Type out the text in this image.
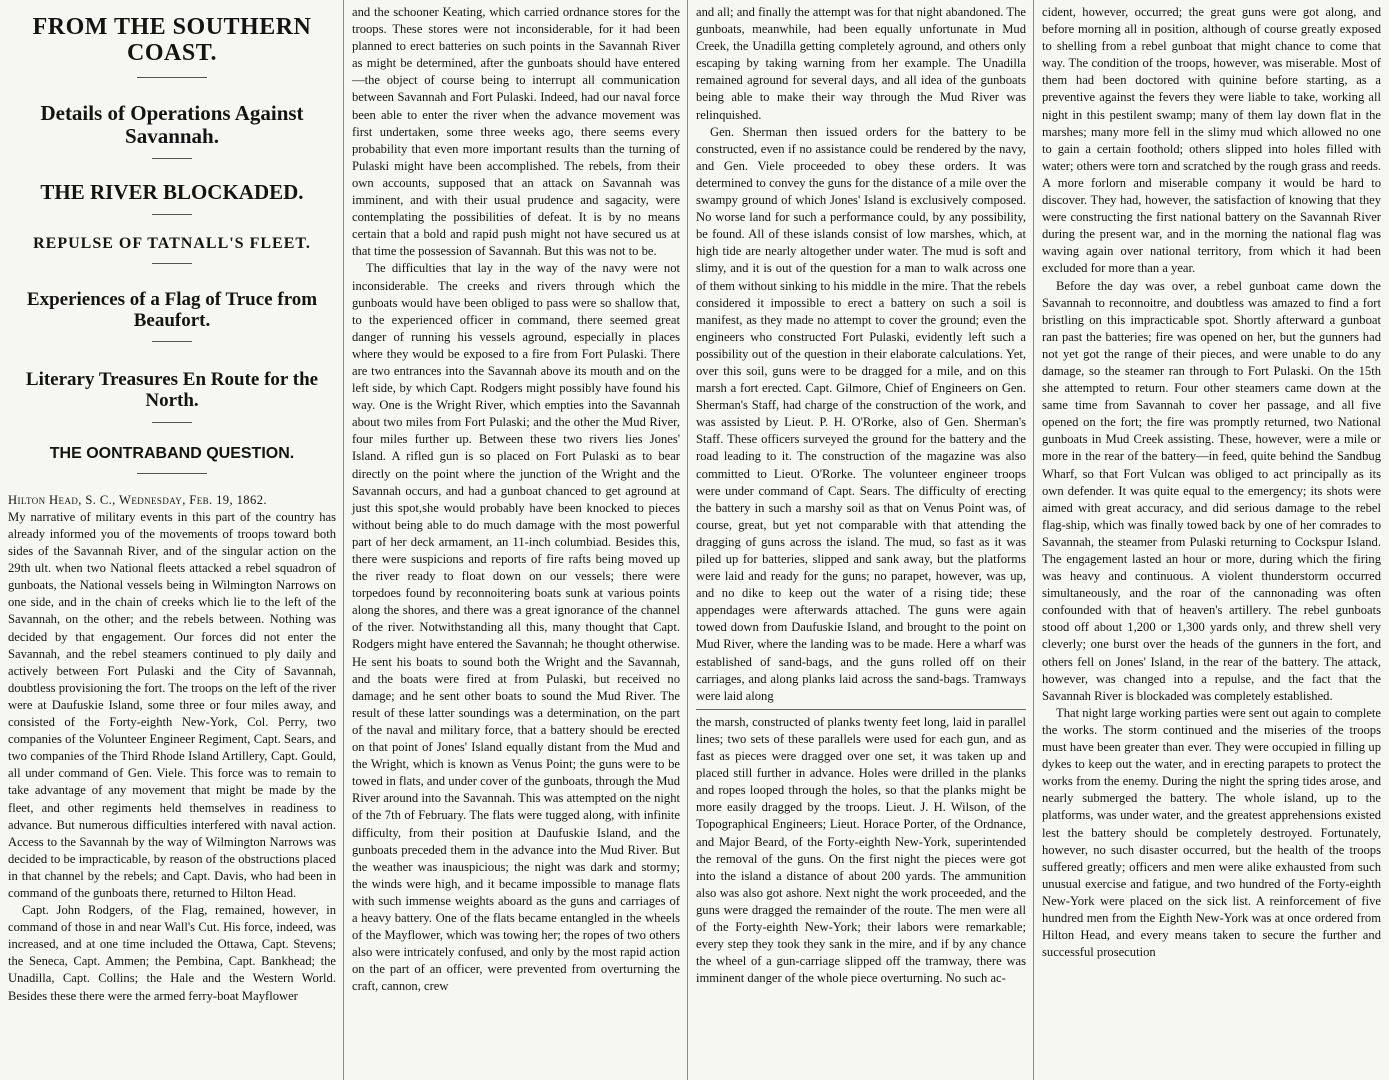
FROM THE SOUTHERN COAST.
Details of Operations Against Savannah.
THE RIVER BLOCKADED.
REPULSE OF TATNALL'S FLEET.
Experiences of a Flag of Truce from Beaufort.
Literary Treasures En Route for the North.
THE OONTRABAND QUESTION.
Hilton Head, S. C., Wednesday, Feb. 19, 1862.

My narrative of military events in this part of the country has already informed you of the movements of troops toward both sides of the Savannah River, and of the singular action on the 29th ult. when two National fleets attacked a rebel squadron of gunboats, the National vessels being in Wilmington Narrows on one side, and in the chain of creeks which lie to the left of the Savannah, on the other; and the rebels between. Nothing was decided by that engagement. Our forces did not enter the Savannah, and the rebel steamers continued to ply daily and actively between Fort Pulaski and the City of Savannah, doubtless provisioning the fort. The troops on the left of the river were at Daufuskie Island, some three or four miles away, and consisted of the Forty-eighth New-York, Col. Perry, two companies of the Volunteer Engineer Regiment, Capt. Sears, and two companies of the Third Rhode Island Artillery, Capt. Gould, all under command of Gen. Viele. This force was to remain to take advantage of any movement that might be made by the fleet, and other regiments held themselves in readiness to advance. But numerous difficulties interfered with naval action. Access to the Savannah by the way of Wilmington Narrows was decided to be impracticable, by reason of the obstructions placed in that channel by the rebels; and Capt. Davis, who had been in command of the gunboats there, returned to Hilton Head.

Capt. John Rodgers, of the Flag, remained, however, in command of those in and near Wall's Cut. His force, indeed, was increased, and at one time included the Ottawa, Capt. Stevens; the Seneca, Capt. Ammen; the Pembina, Capt. Bankhead; the Unadilla, Capt. Collins; the Hale and the Western World. Besides these there were the armed ferry-boat Mayflower

and the schooner Keating, which carried ordnance stores for the troops. These stores were not inconsiderable, for it had been planned to erect batteries on such points in the Savannah River as might be determined, after the gunboats should have entered—the object of course being to interrupt all communication between Savannah and Fort Pulaski. Indeed, had our naval force been able to enter the river when the advance movement was first undertaken, some three weeks ago, there seems every probability that even more important results than the turning of Pulaski might have been accomplished. The rebels, from their own accounts, supposed that an attack on Savannah was imminent, and with their usual prudence and sagacity, were contemplating the possibilities of defeat. It is by no means certain that a bold and rapid push might not have secured us at that time the possession of Savannah. But this was not to be.

The difficulties that lay in the way of the navy were not inconsiderable. The creeks and rivers through which the gunboats would have been obliged to pass were so shallow that, to the experienced officer in command, there seemed great danger of running his vessels aground, especially in places where they would be exposed to a fire from Fort Pulaski. There are two entrances into the Savannah above its mouth and on the left side, by which Capt. Rodgers might possibly have found his way. One is the Wright River, which empties into the Savannah about two miles from Fort Pulaski; and the other the Mud River, four miles further up. Between these two rivers lies Jones' Island. A rifled gun is so placed on Fort Pulaski as to bear directly on the point where the junction of the Wright and the Savannah occurs, and had a gunboat chanced to get aground at just this spot,she would probably have been knocked to pieces without being able to do much damage with the most powerful part of her deck armament, an 11-inch columbiad. Besides this, there were suspicions and reports of fire rafts being moved up the river ready to float down on our vessels; there were torpedoes found by reconnoitering boats sunk at various points along the shores, and there was a great ignorance of the channel of the river. Notwithstanding all this, many thought that Capt. Rodgers might have entered the Savannah; he thought otherwise. He sent his boats to sound both the Wright and the Savannah, and the boats were fired at from Pulaski, but received no damage; and he sent other boats to sound the Mud River. The result of these latter soundings was a determination, on the part of the naval and military force, that a battery should be erected on that point of Jones' Island equally distant from the Mud and the Wright, which is known as Venus Point; the guns were to be towed in flats, and under cover of the gunboats, through the Mud River around into the Savannah. This was attempted on the night of the 7th of February. The flats were tugged along, with infinite difficulty, from their position at Daufuskie Island, and the gunboats preceded them in the advance into the Mud River. But the weather was inauspicious; the night was dark and stormy; the winds were high, and it became impossible to manage flats with such immense weights aboard as the guns and carriages of a heavy battery. One of the flats became entangled in the wheels of the Mayflower, which was towing her; the ropes of two others also were intricately confused, and only by the most rapid action on the part of an officer, were prevented from overturning the craft, cannon, crew

and all; and finally the attempt was for that night abandoned. The gunboats, meanwhile, had been equally unfortunate in Mud Creek, the Unadilla getting completely aground, and others only escaping by taking warning from her example. The Unadilla remained aground for several days, and all idea of the gunboats being able to make their way through the Mud River was relinquished.

Gen. Sherman then issued orders for the battery to be constructed, even if no assistance could be rendered by the navy, and Gen. Viele proceeded to obey these orders. It was determined to convey the guns for the distance of a mile over the swampy ground of which Jones' Island is exclusively composed. No worse land for such a performance could, by any possibility, be found. All of these islands consist of low marshes, which, at high tide are nearly altogether under water. The mud is soft and slimy, and it is out of the question for a man to walk across one of them without sinking to his middle in the mire. That the rebels considered it impossible to erect a battery on such a soil is manifest, as they made no attempt to cover the ground; even the engineers who constructed Fort Pulaski, evidently left such a possibility out of the question in their elaborate calculations. Yet, over this soil, guns were to be dragged for a mile, and on this marsh a fort erected. Capt. Gilmore, Chief of Engineers on Gen. Sherman's Staff, had charge of the construction of the work, and was assisted by Lieut. P. H. O'Rorke, also of Gen. Sherman's Staff. These officers surveyed the ground for the battery and the road leading to it. The construction of the magazine was also committed to Lieut. O'Rorke. The volunteer engineer troops were under command of Capt. Sears. The difficulty of erecting the battery in such a marshy soil as that on Venus Point was, of course, great, but yet not comparable with that attending the dragging of guns across the island. The mud, so fast as it was piled up for batteries, slipped and sank away, but the platforms were laid and ready for the guns; no parapet, however, was up, and no dike to keep out the water of a rising tide; these appendages were afterwards attached. The guns were again towed down from Daufuskie Island, and brought to the point on Mud River, where the landing was to be made. Here a wharf was established of sand-bags, and the guns rolled off on their carriages, and along planks laid across the sand-bags. Tramways were laid along

the marsh, constructed of planks twenty feet long, laid in parallel lines; two sets of these parallels were used for each gun, and as fast as pieces were dragged over one set, it was taken up and placed still further in advance. Holes were drilled in the planks and ropes looped through the holes, so that the planks might be more easily dragged by the troops. Lieut. J. H. Wilson, of the Topographical Engineers; Lieut. Horace Porter, of the Ordnance, and Major Beard, of the Forty-eighth New-York, superintended the removal of the guns. On the first night the pieces were got into the island a distance of about 200 yards. The ammunition also was also got ashore. Next night the work proceeded, and the guns were dragged the remainder of the route. The men were all of the Forty-eighth New-York; their labors were remarkable; every step they took they sank in the mire, and if by any chance the wheel of a gun-carriage slipped off the tramway, there was imminent danger of the whole piece overturning. No such ac-

cident, however, occurred; the great guns were got along, and before morning all in position, although of course greatly exposed to shelling from a rebel gunboat that might chance to come that way. The condition of the troops, however, was miserable. Most of them had been doctored with quinine before starting, as a preventive against the fevers they were liable to take, working all night in this pestilent swamp; many of them lay down flat in the marshes; many more fell in the slimy mud which allowed no one to gain a certain foothold; others slipped into holes filled with water; others were torn and scratched by the rough grass and reeds. A more forlorn and miserable company it would be hard to discover. They had, however, the satisfaction of knowing that they were constructing the first national battery on the Savannah River during the present war, and in the morning the national flag was waving again over national territory, from which it had been excluded for more than a year.

Before the day was over, a rebel gunboat came down the Savannah to reconnoitre, and doubtless was amazed to find a fort bristling on this impracticable spot. Shortly afterward a gunboat ran past the batteries; fire was opened on her, but the gunners had not yet got the range of their pieces, and were unable to do any damage, so the steamer ran through to Fort Pulaski. On the 15th she attempted to return. Four other steamers came down at the same time from Savannah to cover her passage, and all five opened on the fort; the fire was promptly returned, two National gunboats in Mud Creek assisting. These, however, were a mile or more in the rear of the battery—in feed, quite behind the Sandbug Wharf, so that Fort Vulcan was obliged to act principally as its own defender. It was quite equal to the emergency; its shots were aimed with great accuracy, and did serious damage to the rebel flag-ship, which was finally towed back by one of her comrades to Savannah, the steamer from Pulaski returning to Cockspur Island. The engagement lasted an hour or more, during which the firing was heavy and continuous. A violent thunderstorm occurred simultaneously, and the roar of the cannonading was often confounded with that of heaven's artillery. The rebel gunboats stood off about 1,200 or 1,300 yards only, and threw shell very cleverly; one burst over the heads of the gunners in the fort, and others fell on Jones' Island, in the rear of the battery. The attack, however, was changed into a repulse, and the fact that the Savannah River is blockaded was completely established.

That night large working parties were sent out again to complete the works. The storm continued and the miseries of the troops must have been greater than ever. They were occupied in filling up dykes to keep out the water, and in erecting parapets to protect the works from the enemy. During the night the spring tides arose, and nearly submerged the battery. The whole island, up to the platforms, was under water, and the greatest apprehensions existed lest the battery should be completely destroyed. Fortunately, however, no such disaster occurred, but the health of the troops suffered greatly; officers and men were alike exhausted from such unusual exercise and fatigue, and two hundred of the Forty-eighth New-York were placed on the sick list. A reinforcement of five hundred men from the Eighth New-York was at once ordered from Hilton Head, and every means taken to secure the further and successful prosecution
